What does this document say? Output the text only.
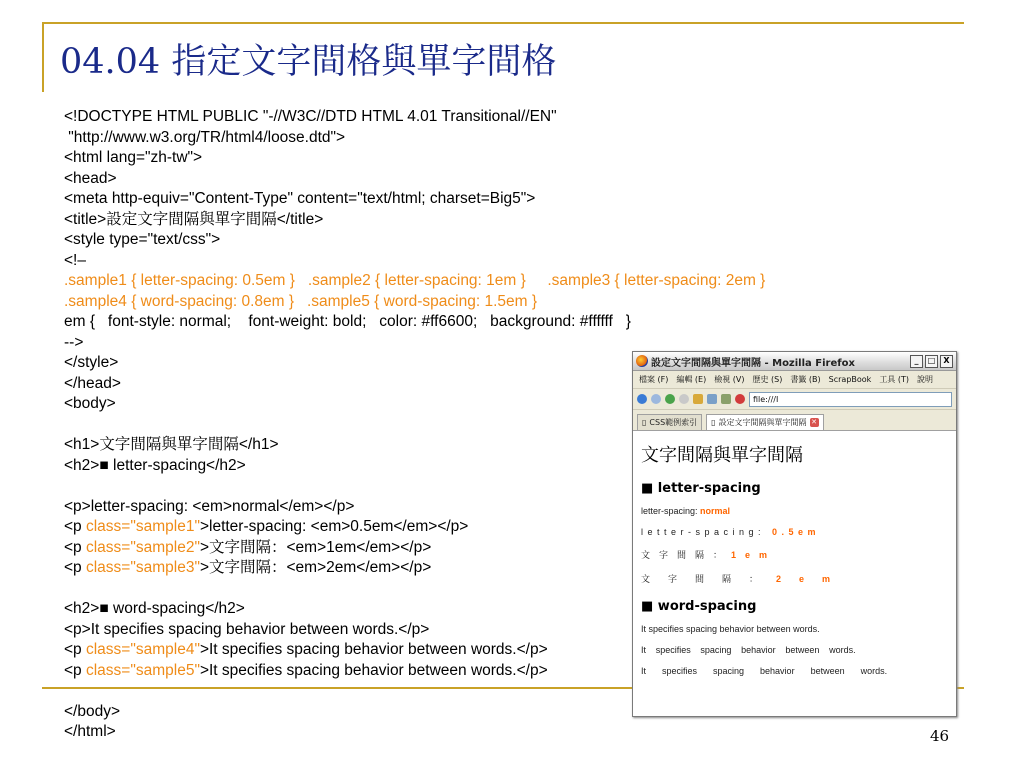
04.04 指定文字間格與單字間格
<!DOCTYPE HTML PUBLIC "-//W3C//DTD HTML 4.01 Transitional//EN"
"http://www.w3.org/TR/html4/loose.dtd">
<html lang="zh-tw">
<head>
<meta http-equiv="Content-Type" content="text/html; charset=Big5">
<title>設定文字間隔與單字間隔</title>
<style type="text/css">
<!–
.sample1 { letter-spacing: 0.5em } .sample2 { letter-spacing: 1em } .sample3 { letter-spacing: 2em }
.sample4 { word-spacing: 0.8em } .sample5 { word-spacing: 1.5em }
em {   font-style: normal;    font-weight: bold;   color: #ff6600;   background: #ffffff   }
-->
</style>
</head>
<body>
<h1>文字間隔與單字間隔</h1>
<h2>■ letter-spacing</h2>
<p>letter-spacing: <em>normal</em></p>
<p class="sample1">letter-spacing: <em>0.5em</em></p>
<p class="sample2">文字間隔：<em>1em</em></p>
<p class="sample3">文字間隔：<em>2em</em></p>
<h2>■ word-spacing</h2>
<p>It specifies spacing behavior between words.</p>
<p class="sample4">It specifies spacing behavior between words.</p>
<p class="sample5">It specifies spacing behavior between words.</p>
</body>
</html>
設定文字間隔與單字間隔 - Mozilla Firefox	_	□	X
檔案 (F) 編輯 (E) 檢視 (V) 歷史 (S) 書籤 (B) ScrapBook 工具 (T) 說明
file:///I
▯ CSS範例索引 ▯ 設定文字間隔與單字間隔 ✕
文字間隔與單字間隔
■ letter-spacing

letter-spacing: normal

letter-spacing: 0.5em

文字間隔：1em

文字間隔：2em

■ word-spacing

It specifies spacing behavior between words.

It specifies spacing behavior between words.

It specifies spacing behavior between words.

46
